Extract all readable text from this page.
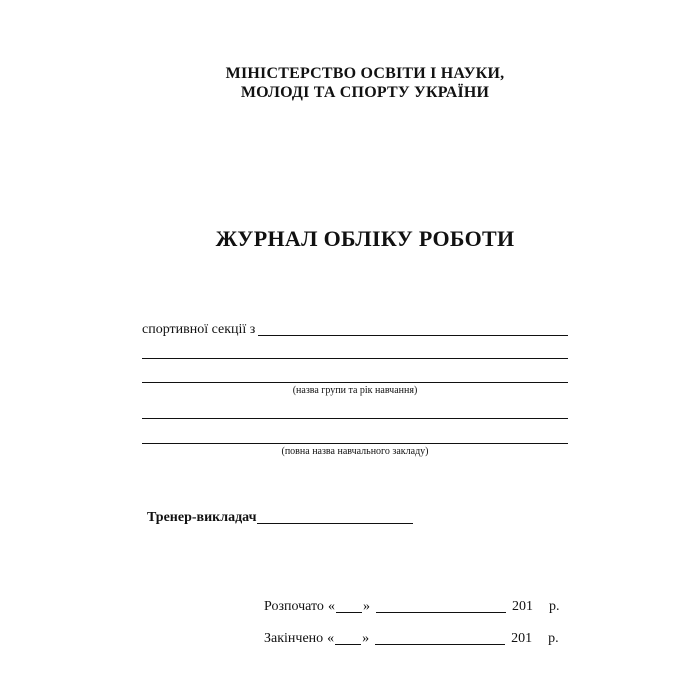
МІНІСТЕРСТВО ОСВІТИ І НАУКИ,
МОЛОДІ ТА СПОРТУ УКРАЇНИ
ЖУРНАЛ ОБЛІКУ РОБОТИ
спортивної секції з
(назва групи та рік навчання)
(повна назва навчального закладу)
Тренер-викладач
Розпочато « »	201 р.
Закінчено « »	201 р.
